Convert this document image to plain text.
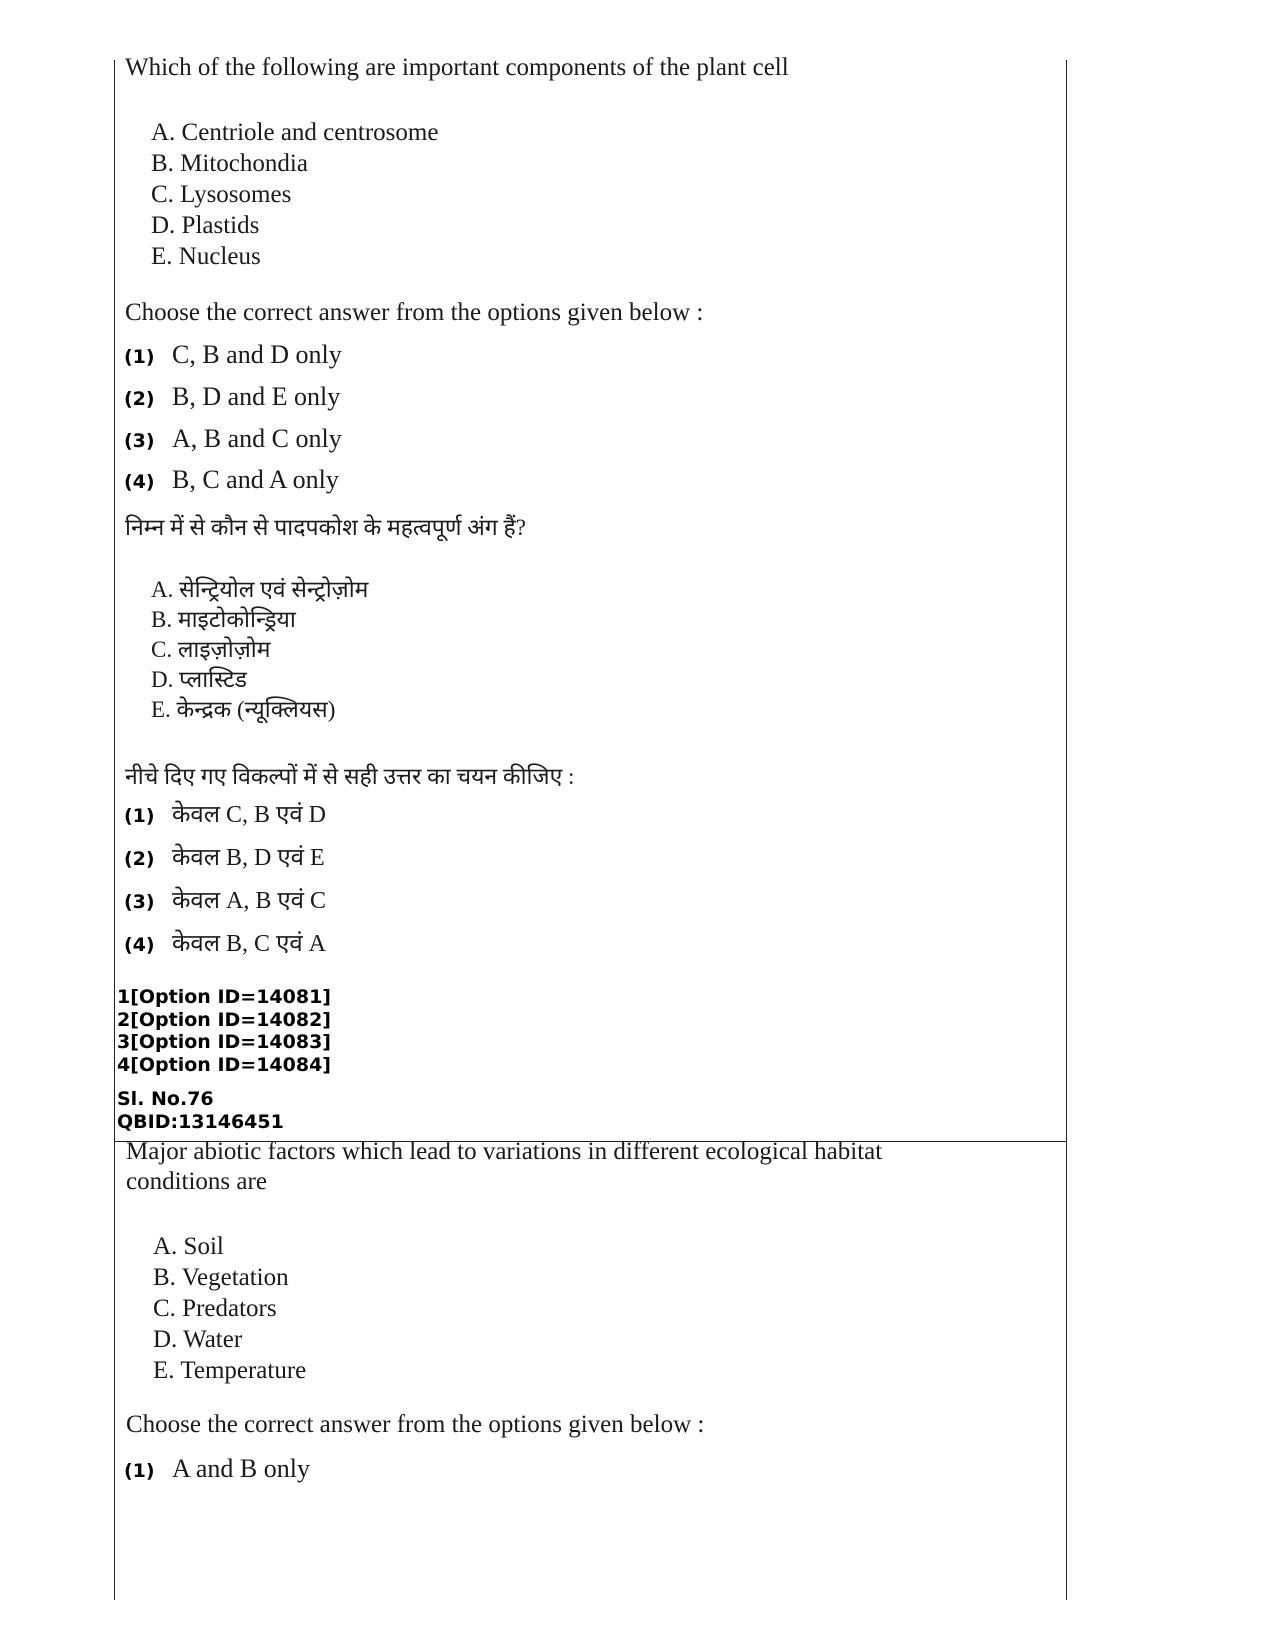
Which of the following are important components of the plant cell

A. Centriole and centrosome
B. Mitochondia
C. Lysosomes
D. Plastids
E. Nucleus

Choose the correct answer from the options given below :

(1) C, B and D only
(2) B, D and E only
(3) A, B and C only
(4) B, C and A only

निम्न में से कौन से पादपकोश के महत्वपूर्ण अंग हैं?

A. सेन्ट्रियोल एवं सेन्ट्रोज़ोम
B. माइटोकोन्ड्रिया
C. लाइज़ोज़ोम
D. प्लास्टिड
E. केन्द्रक (न्यूक्लियस)

नीचे दिए गए विकल्पों में से सही उत्तर का चयन कीजिए :

(1) केवल C, B एवं D
(2) केवल B, D एवं E
(3) केवल A, B एवं C
(4) केवल B, C एवं A
1[Option ID=14081]
2[Option ID=14082]
3[Option ID=14083]
4[Option ID=14084]
Sl. No.76
QBID:13146451
Major abiotic factors which lead to variations in different ecological habitat
conditions are
A. Soil
B. Vegetation
C. Predators
D. Water
E. Temperature

Choose the correct answer from the options given below :

(1) A and B only
